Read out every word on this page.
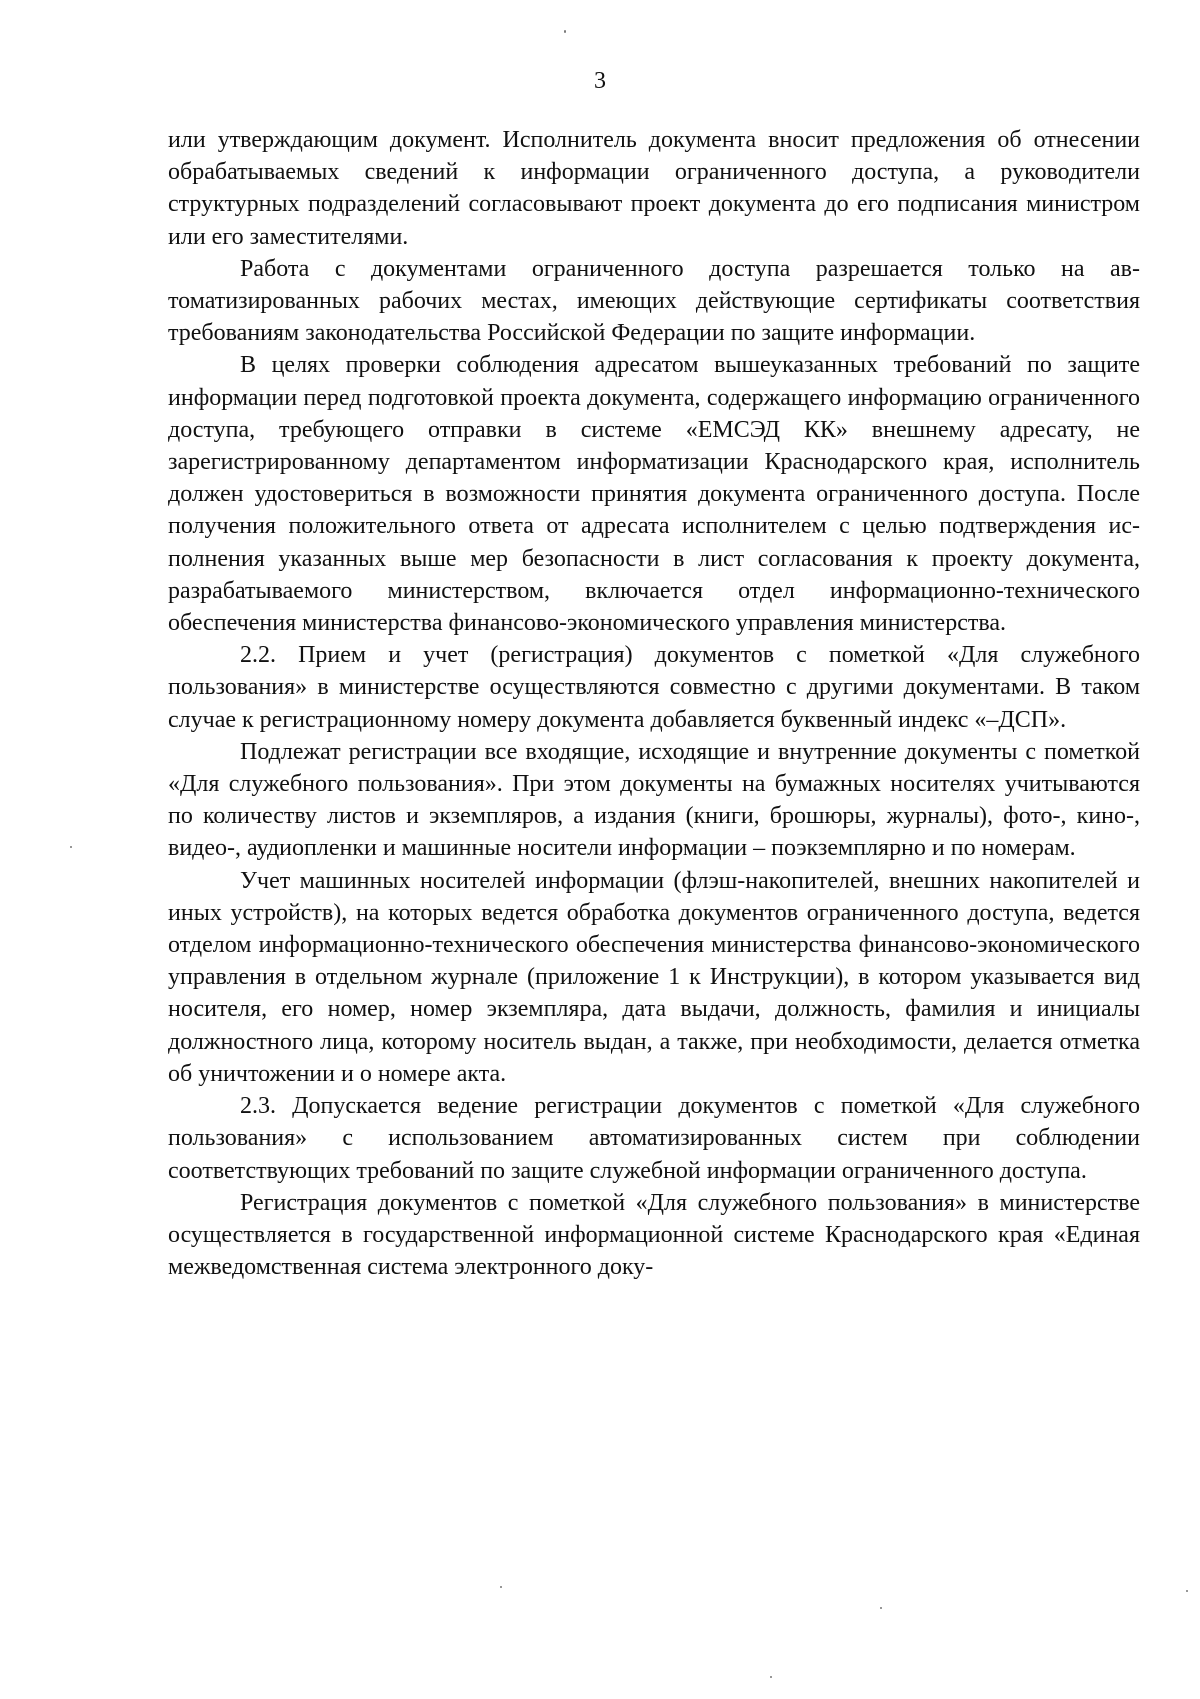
3

или утверждающим документ. Исполнитель документа вносит предложения об отнесении обрабатываемых сведений к информации ограниченного доступа, а руководители структурных подразделений согласовывают проект документа до его подписания министром или его заместителями.

Работа с документами ограниченного доступа разрешается только на автоматизированных рабочих местах, имеющих действующие сертификаты соответствия требованиям законодательства Российской Федерации по защите информации.

В целях проверки соблюдения адресатом вышеуказанных требований по защите информации перед подготовкой проекта документа, содержащего информацию ограниченного доступа, требующего отправки в системе «ЕМСЭД КК» внешнему адресату, не зарегистрированному департаментом информатизации Краснодарского края, исполнитель должен удостовериться в возможности принятия документа ограниченного доступа. После получения положительного ответа от адресата исполнителем с целью подтверждения исполнения указанных выше мер безопасности в лист согласования к проекту документа, разрабатываемого министерством, включается отдел информационно-технического обеспечения министерства финансово-экономического управления министерства.

2.2. Прием и учет (регистрация) документов с пометкой «Для служебного пользования» в министерстве осуществляются совместно с другими документами. В таком случае к регистрационному номеру документа добавляется буквенный индекс «–ДСП».

Подлежат регистрации все входящие, исходящие и внутренние документы с пометкой «Для служебного пользования». При этом документы на бумажных носителях учитываются по количеству листов и экземпляров, а издания (книги, брошюры, журналы), фото-, кино-, видео-, аудиопленки и машинные носители информации – поэкземплярно и по номерам.

Учет машинных носителей информации (флэш-накопителей, внешних накопителей и иных устройств), на которых ведется обработка документов ограниченного доступа, ведется отделом информационно-технического обеспечения министерства финансово-экономического управления в отдельном журнале (приложение 1 к Инструкции), в котором указывается вид носителя, его номер, номер экземпляра, дата выдачи, должность, фамилия и инициалы должностного лица, которому носитель выдан, а также, при необходимости, делается отметка об уничтожении и о номере акта.

2.3. Допускается ведение регистрации документов с пометкой «Для служебного пользования» с использованием автоматизированных систем при соблюдении соответствующих требований по защите служебной информации ограниченного доступа.

Регистрация документов с пометкой «Для служебного пользования» в министерстве осуществляется в государственной информационной системе Краснодарского края «Единая межведомственная система электронного доку-
